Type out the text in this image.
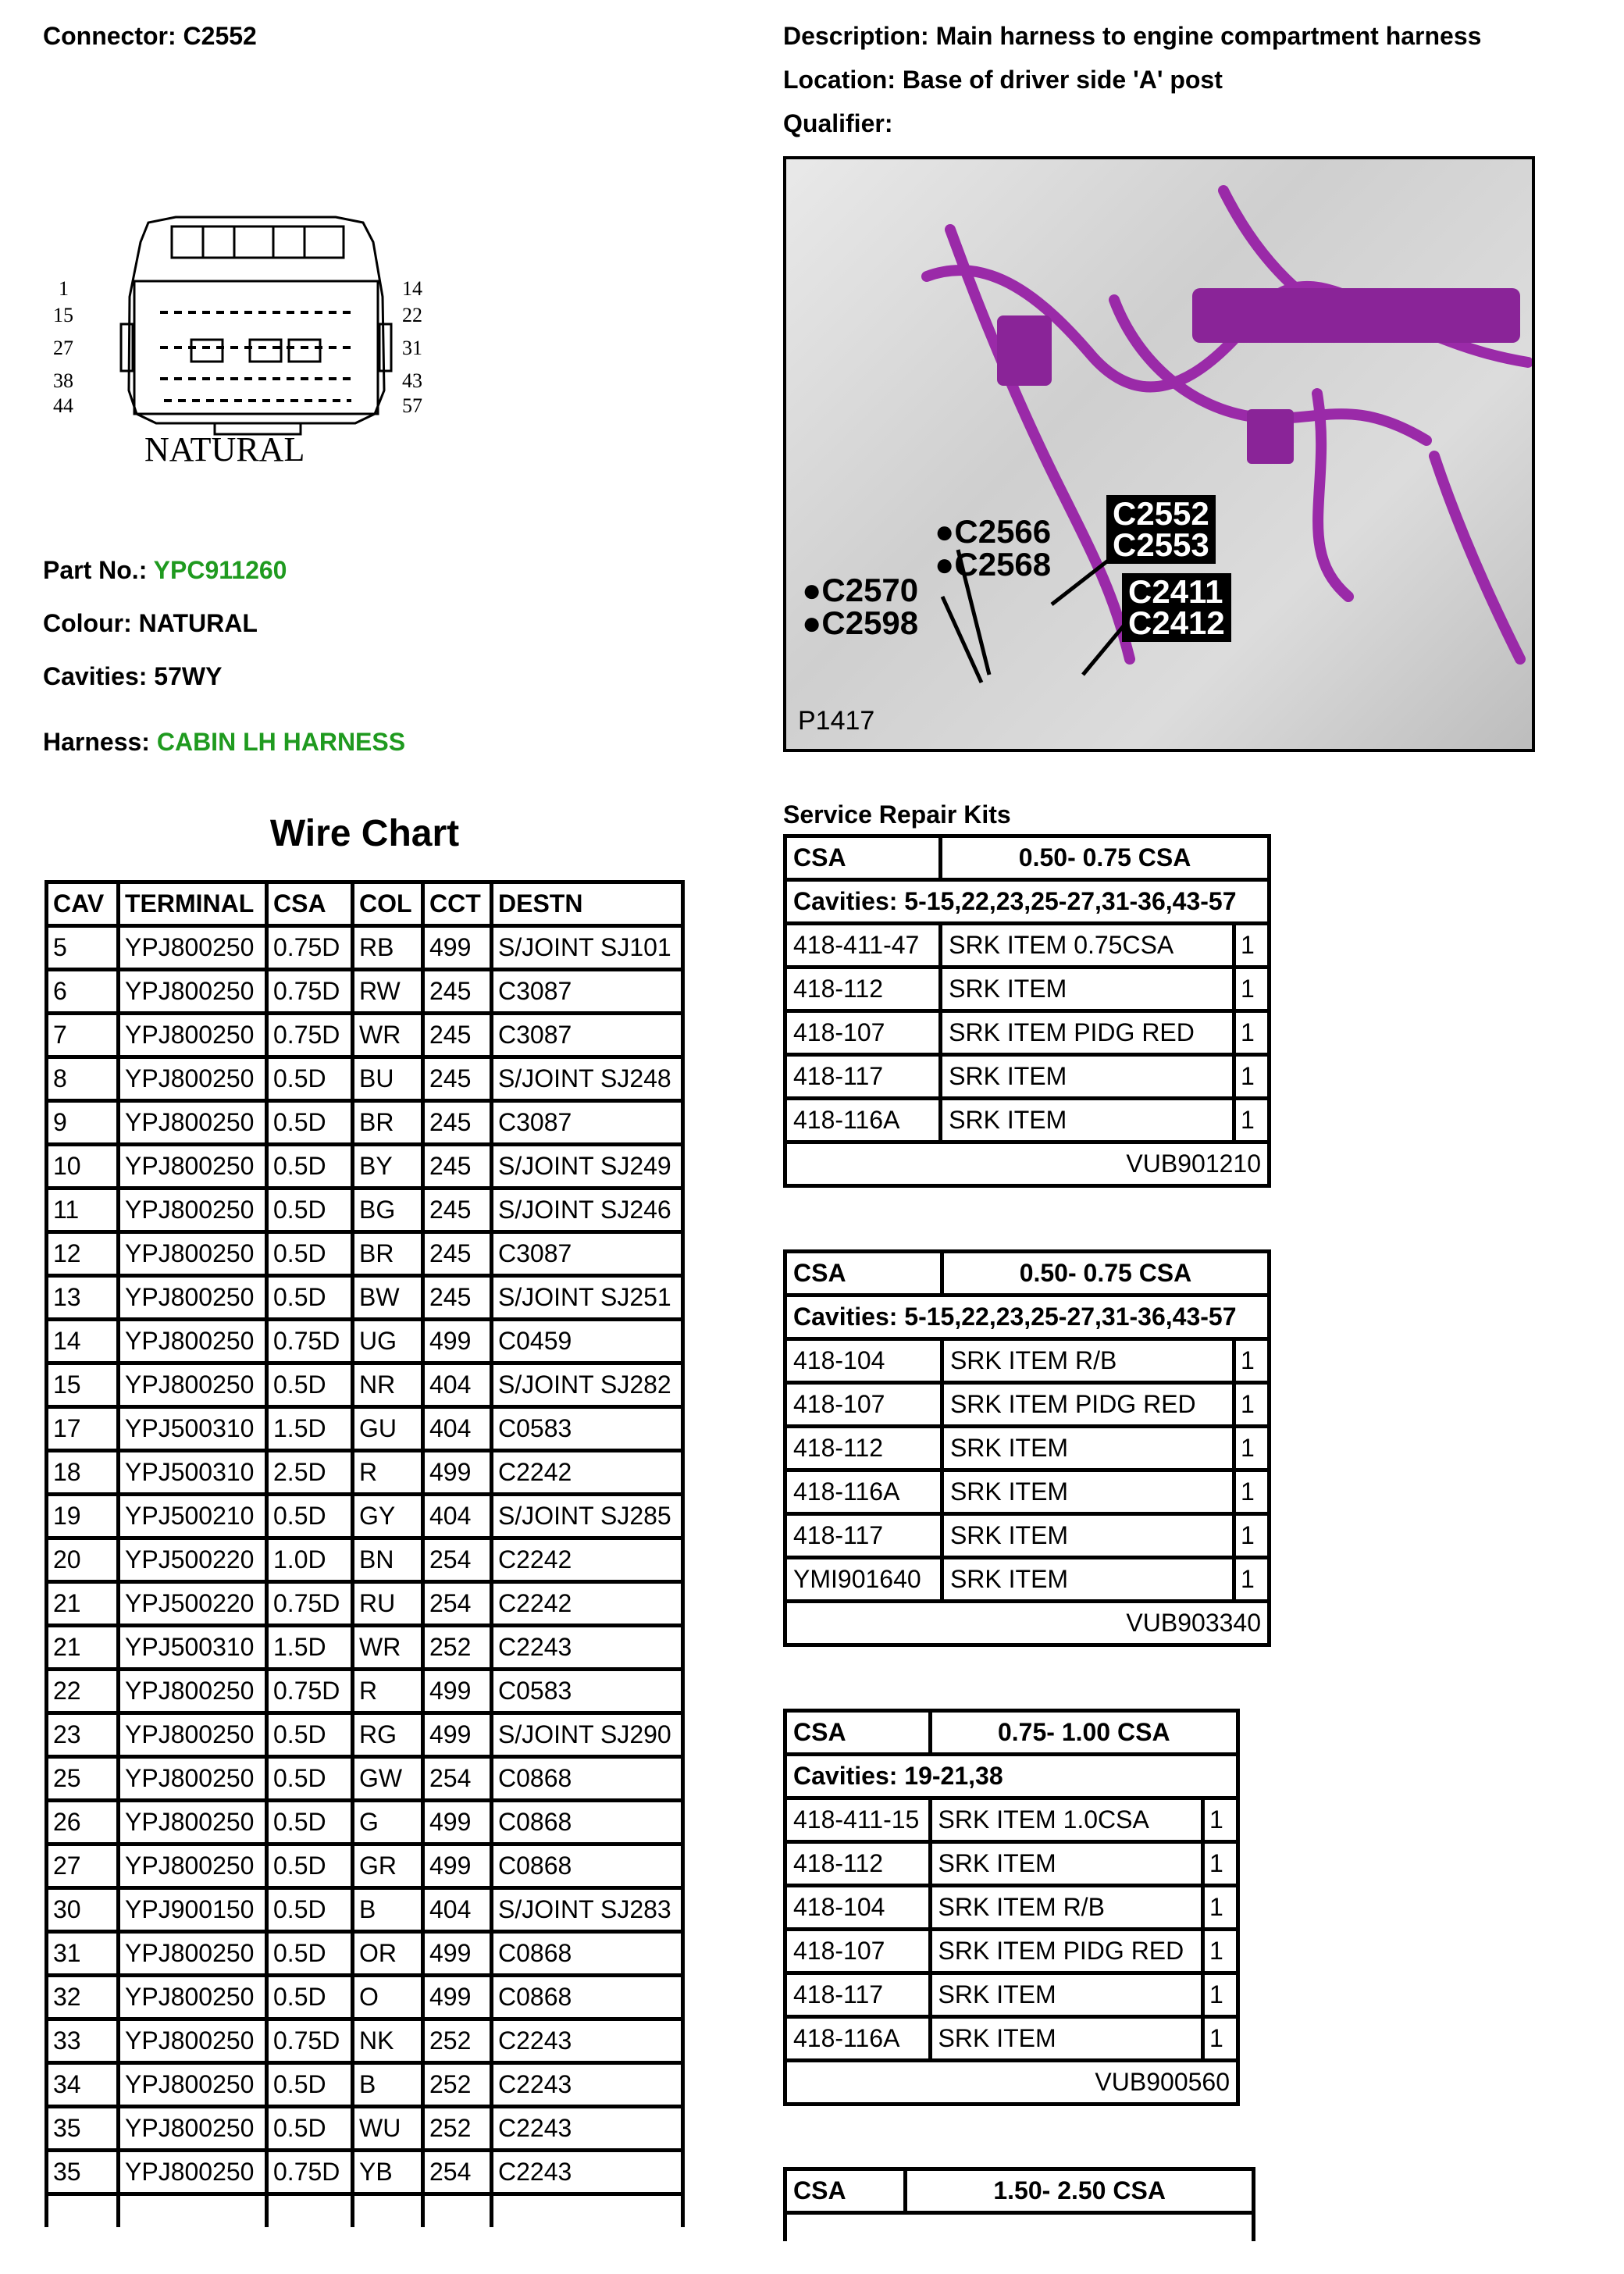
Connector: C2552	Description: Main harness to engine compartment harness
Location: Base of driver side 'A' post
Qualifier:
1
15
27
38
44
14
22
31
43
57
NATURAL
Part No.: YPC911260
Colour: NATURAL
Cavities: 57WY
Harness: CABIN LH HARNESS
●C2566
●C2568
C2552
C2553
●C2570
●C2598
C2411
C2412
P1417
Wire Chart
CAV	TERMINAL	CSA	COL	CCT	DESTN
5	YPJ800250	0.75D	RB	499	S/JOINT SJ101
6	YPJ800250	0.75D	RW	245	C3087
7	YPJ800250	0.75D	WR	245	C3087
8	YPJ800250	0.5D	BU	245	S/JOINT SJ248
9	YPJ800250	0.5D	BR	245	C3087
10	YPJ800250	0.5D	BY	245	S/JOINT SJ249
11	YPJ800250	0.5D	BG	245	S/JOINT SJ246
12	YPJ800250	0.5D	BR	245	C3087
13	YPJ800250	0.5D	BW	245	S/JOINT SJ251
14	YPJ800250	0.75D	UG	499	C0459
15	YPJ800250	0.5D	NR	404	S/JOINT SJ282
17	YPJ500310	1.5D	GU	404	C0583
18	YPJ500310	2.5D	R	499	C2242
19	YPJ500210	0.5D	GY	404	S/JOINT SJ285
20	YPJ500220	1.0D	BN	254	C2242
21	YPJ500220	0.75D	RU	254	C2242
21	YPJ500310	1.5D	WR	252	C2243
22	YPJ800250	0.75D	R	499	C0583
23	YPJ800250	0.5D	RG	499	S/JOINT SJ290
25	YPJ800250	0.5D	GW	254	C0868
26	YPJ800250	0.5D	G	499	C0868
27	YPJ800250	0.5D	GR	499	C0868
30	YPJ900150	0.5D	B	404	S/JOINT SJ283
31	YPJ800250	0.5D	OR	499	C0868
32	YPJ800250	0.5D	O	499	C0868
33	YPJ800250	0.75D	NK	252	C2243
34	YPJ800250	0.5D	B	252	C2243
35	YPJ800250	0.5D	WU	252	C2243
35	YPJ800250	0.75D	YB	254	C2243

Service Repair Kits
CSA	0.50- 0.75 CSA	
Cavities: 5-15,22,23,25-27,31-36,43-57		
418-411-47	SRK ITEM 0.75CSA	1
418-112	SRK ITEM	1
418-107	SRK ITEM PIDG RED	1
418-117	SRK ITEM	1
418-116A	SRK ITEM	1
VUB901210		
CSA	0.50- 0.75 CSA	
Cavities: 5-15,22,23,25-27,31-36,43-57		
418-104	SRK ITEM R/B	1
418-107	SRK ITEM PIDG RED	1
418-112	SRK ITEM	1
418-116A	SRK ITEM	1
418-117	SRK ITEM	1
YMI901640	SRK ITEM	1
VUB903340		
CSA	0.75- 1.00 CSA	
Cavities: 19-21,38		
418-411-15	SRK ITEM 1.0CSA	1
418-112	SRK ITEM	1
418-104	SRK ITEM R/B	1
418-107	SRK ITEM PIDG RED	1
418-117	SRK ITEM	1
418-116A	SRK ITEM	1
VUB900560		
CSA	1.50- 2.50 CSA
